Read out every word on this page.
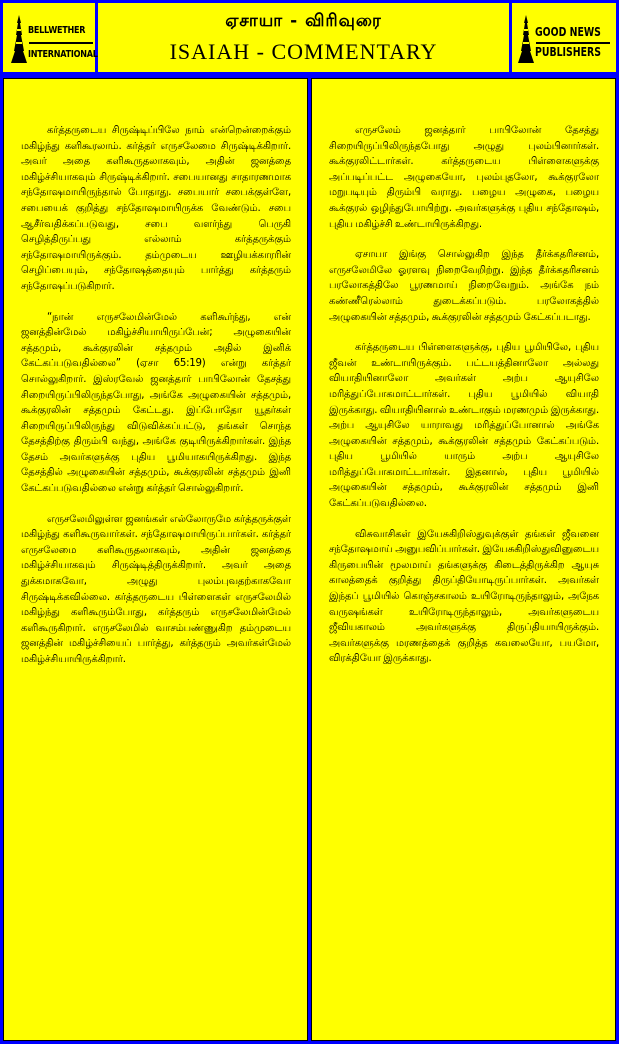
BELLWETHER
INTERNATIONAL
ஏசாயா - விரிவுரை
ISAIAH - COMMENTARY
GOOD NEWS
PUBLISHERS

கர்த்தருடைய சிருஷ்டிப்பிலே நாம் என்றென்றைக்கும் மகிழ்ந்து களிகூரலாம். கர்த்தர் எருசலேமை சிருஷ்டிக்கிறார். அவர் அதை களிகூருதலாகவும், அதின் ஜனத்தை மகிழ்ச்சியாகவும் சிருஷ்டிக்கிறார். சபையானது சாதாரணமாக சந்தோஷமாயிருந்தால் போதாது. சபையார் சபைக்குள்ளே, சபையைக் குறித்து சந்தோஷமாயிருக்க வேண்டும். சபை ஆசீர்வதிக்கப்படுவது, சபை வளர்ந்து பெருகி செழித்திருப்பது எல்லாம் கர்த்தருக்கும் சந்தோஷமாயிருக்கும். தம்முடைய ஊழியக்காரரின் செழிப்பையும், சந்தோஷத்தையும் பார்த்து கர்த்தரும் சந்தோஷப்படுகிறார்.

“நான் எருசலேமின்மேல் களிகூர்ந்து, என் ஜனத்தின்மேல் மகிழ்ச்சியாயிருப்பேன்; அழுகையின் சத்தமும், கூக்குரலின் சத்தமும் அதில் இனிக் கேட்கப்படுவதில்லை” (ஏசா 65:19) என்று கர்த்தர் சொல்லுகிறார். இஸ்ரவேல் ஜனத்தார் பாபிலோன் தேசத்து சிறையிருப்பிலிருந்தபோது, அங்கே அழுகையின் சத்தமும், கூக்குரலின் சத்தமும் கேட்டது. இப்போதோ யூதர்கள் சிறையிருப்பிலிருந்து விடுவிக்கப்பட்டு, தங்கள் சொந்த தேசத்திற்கு திரும்பி வந்து, அங்கே குடியிருக்கிறார்கள். இந்த தேசம் அவர்களுக்கு புதிய பூமியாகயிருக்கிறது. இந்த தேசத்தில் அழுகையின் சத்தமும், கூக்குரலின் சத்தமும் இனி கேட்கப்படுவதில்லை என்று கர்த்தர் சொல்லுகிறார்.

எருசலேமிலுள்ள ஜனங்கள் எல்லோருமே கர்த்தருக்குள் மகிழ்ந்து களிகூருவார்கள். சந்தோஷமாயிருப்பார்கள். கர்த்தர் எருசலேமை களிகூருதலாகவும், அதின் ஜனத்தை மகிழ்ச்சியாகவும் சிருஷ்டித்திருக்கிறார். அவர் அதை துக்கமாகவோ, அழுது புலம்புவதற்காகவோ சிருஷ்டிக்கவில்லை. கர்த்தருடைய பிள்ளைகள் எருசலேமில் மகிழ்ந்து களிகூரும்போது, கர்த்தரும் எருசலேமின்மேல் களிகூருகிறார். எருசலேமில் வாசம்பண்ணுகிற தம்முடைய ஜனத்தின் மகிழ்ச்சியைப் பார்த்து, கர்த்தரும் அவர்கள்மேல் மகிழ்ச்சியாயிருக்கிறார்.

எருசலேம் ஜனத்தார் பாபிலோன் தேசத்து சிறையிருப்பிலிருந்தபோது அழுது புலம்பினார்கள். கூக்குரலிட்டார்கள். கர்த்தருடைய பிள்ளைகளுக்கு அப்படிப்பட்ட அழுகையோ, புலம்புதலோ, கூக்குரலோ மறுபடியும் திரும்பி வராது. பழைய அழுகை, பழைய கூக்குரல் ஒழிந்துபோயிற்று. அவர்களுக்கு புதிய சந்தோஷம், புதிய மகிழ்ச்சி உண்டாயிருக்கிறது.

ஏசாயா இங்கு சொல்லுகிற இந்த தீர்க்கதரிசனம், எருசலேமிலே ஓரளவு நிறைவேறிற்று. இந்த தீர்க்கதரிசனம் பரலோகத்திலே பூரணமாய் நிறைவேறும். அங்கே நம் கண்ணீரெல்லாம் துடைக்கப்படும். பரலோகத்தில் அழுகையின் சத்தமும், கூக்குரலின் சத்தமும் கேட்கப்படாது.

கர்த்தருடைய பிள்ளைகளுக்கு, புதிய பூமியிலே, புதிய ஜீவன் உண்டாயிருக்கும். பட்டயத்தினாலோ அல்லது வியாதியினாலோ அவர்கள் அற்ப ஆயுசிலே மரித்துப்போகமாட்டார்கள். புதிய பூமியில் வியாதி இருக்காது. வியாதியினால் உண்டாகும் மரணமும் இருக்காது. அற்ப ஆயுசிலே யாராவது மரித்துப்போனால் அங்கே அழுகையின் சத்தமும், கூக்குரலின் சத்தமும் கேட்கப்படும். புதிய பூமியில் யாரும் அற்ப ஆயுசிலே மரித்துப்போகமாட்டார்கள். இதனால், புதிய பூமியில் அழுகையின் சத்தமும், கூக்குரலின் சத்தமும் இனி கேட்கப்படுவதில்லை.

விசுவாசிகள் இயேசுகிறிஸ்துவுக்குள் தங்கள் ஜீவனை சந்தோஷமாய் அனுபவிப்பார்கள். இயேசுகிறிஸ்துவினுடைய கிருபையின் மூலமாய் தங்களுக்கு கிடைத்திருக்கிற ஆயுசு காலத்தைக் குறித்து திருப்தியோடிருப்பார்கள். அவர்கள் இந்தப் பூமியில் கொஞ்சகாலம் உயிரோடிருந்தாலும், அநேக வருஷங்கள் உயிரோடிருந்தாலும், அவர்களுடைய ஜீவியகாலம் அவர்களுக்கு திருப்தியாயிருக்கும். அவர்களுக்கு மரணத்தைக் குறித்த கவலையோ, பயமோ, விரக்தியோ இருக்காது.
